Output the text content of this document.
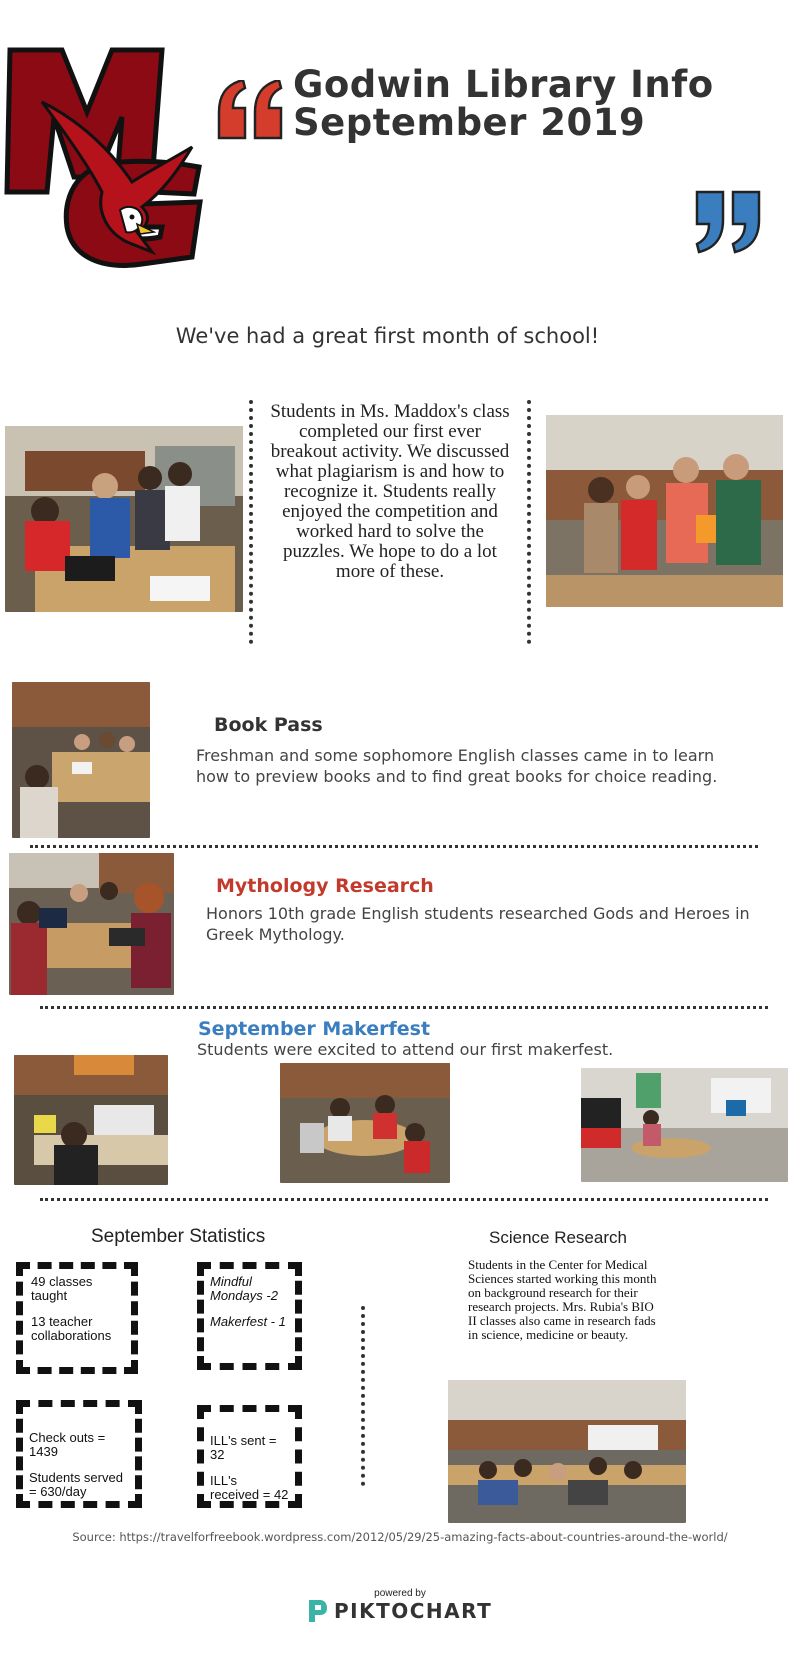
Godwin Library Info
September 2019
We've had a great first month of school!
Students in Ms. Maddox's class completed our first ever breakout activity. We discussed what plagiarism is and how to recognize it. Students really enjoyed the competition and worked hard to solve the puzzles. We hope to do a lot more of these.
Book Pass
Freshman and some sophomore English classes came in to learn how to preview books and to find great books for choice reading.
Mythology Research
Honors 10th grade English students researched Gods and Heroes in Greek Mythology.
September Makerfest
Students were excited to attend our first makerfest.
September Statistics

49 classes taught

13 teacher collaborations

Mindful Mondays -2

Makerfest - 1

Check outs = 1439

Students served = 630/day

ILL's sent = 32

ILL's received = 42

Science Research
Students in the Center for Medical Sciences started working this month on background research for their research projects. Mrs. Rubia's BIO II classes also came in research fads in science, medicine or beauty.
Source: https://travelforfreebook.wordpress.com/2012/05/29/25-amazing-facts-about-countries-around-the-world/
powered by
PIKTOCHART
